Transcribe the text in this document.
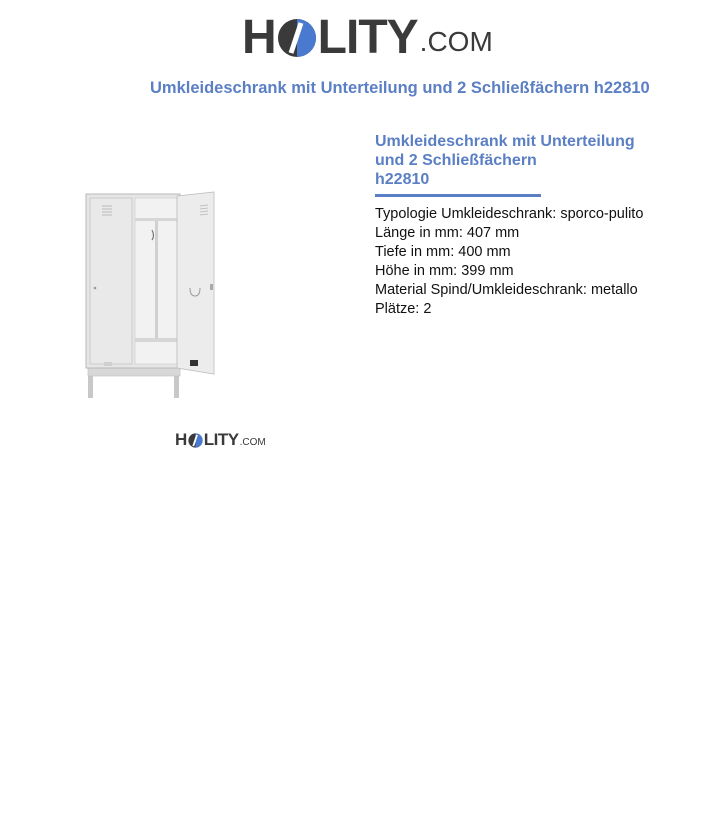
H LITY .COM
Umkleideschrank mit Unterteilung und 2 Schließfächern h22810
H LITY .COM
Umkleideschrank mit Unterteilung
und 2 Schließfächern
h22810
Typologie Umkleideschrank: sporco-pulito
Länge in mm: 407 mm
Tiefe in mm: 400 mm
Höhe in mm: 399 mm
Material Spind/Umkleideschrank: metallo
Plätze: 2
